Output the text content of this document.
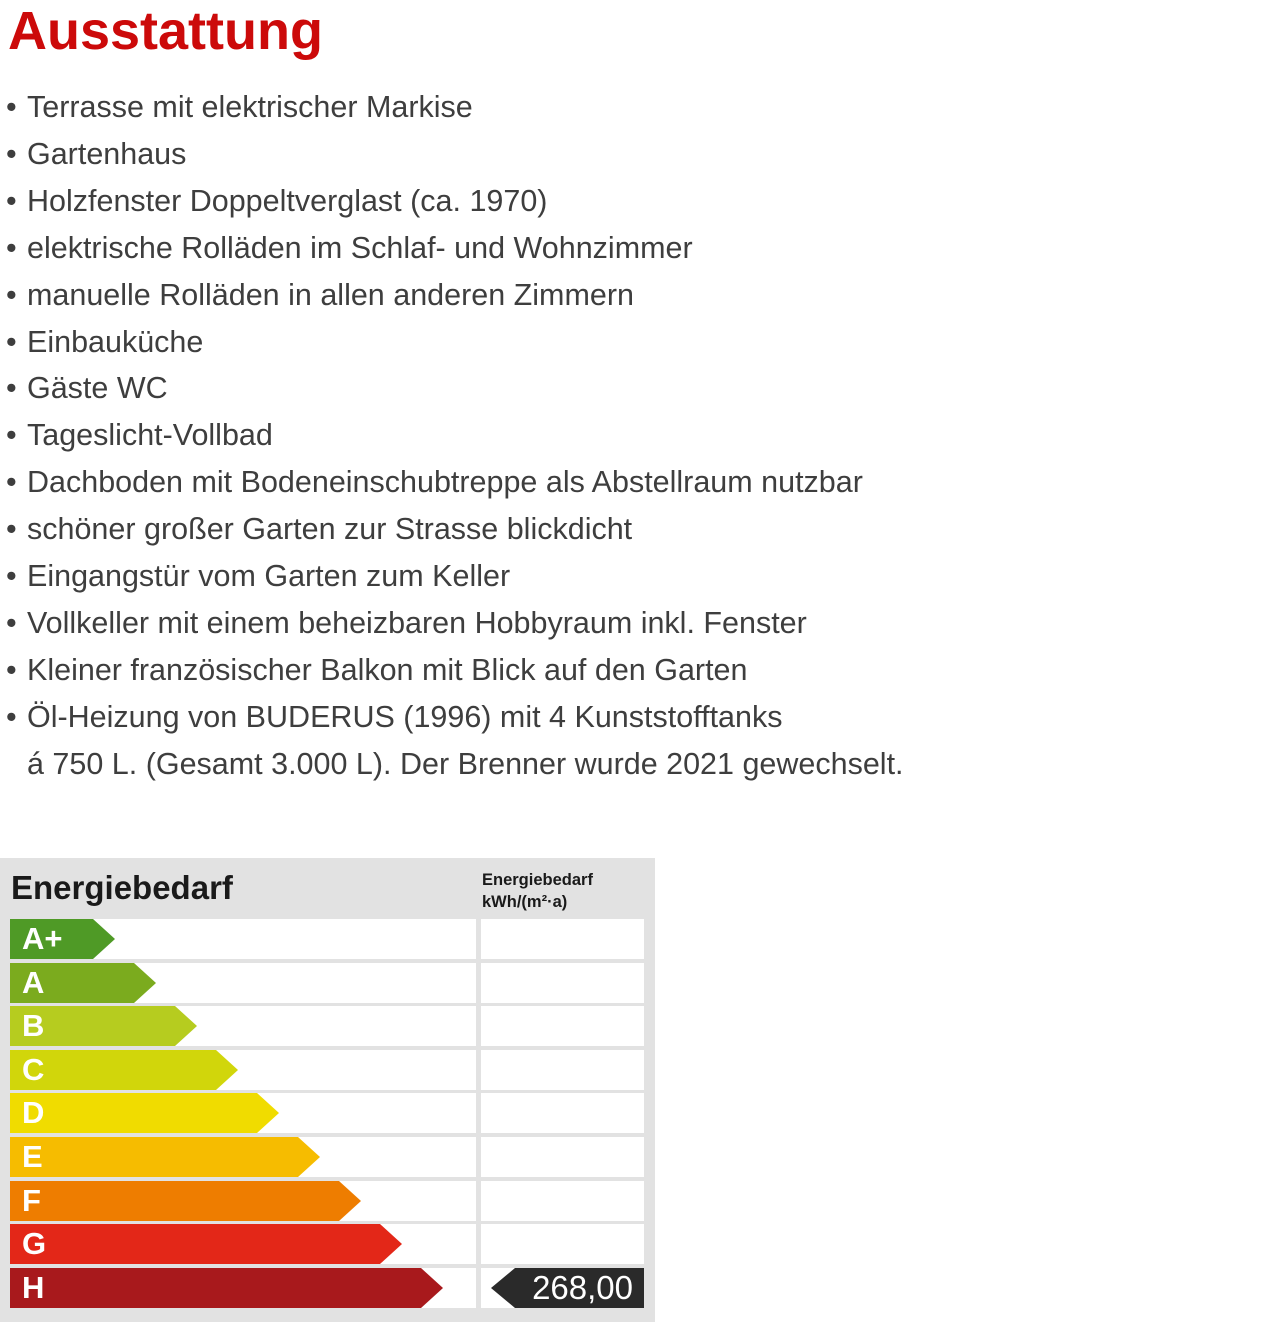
Ausstattung
• Terrasse mit elektrischer Markise
• Gartenhaus
• Holzfenster Doppeltverglast (ca. 1970)
• elektrische Rolläden im Schlaf- und Wohnzimmer
• manuelle Rolläden in allen anderen Zimmern
• Einbauküche
• Gäste WC
• Tageslicht-Vollbad
• Dachboden mit Bodeneinschubtreppe als Abstellraum nutzbar
• schöner großer Garten zur Strasse blickdicht
• Eingangstür vom Garten zum Keller
• Vollkeller mit einem beheizbaren Hobbyraum inkl. Fenster
• Kleiner französischer Balkon mit Blick auf den Garten
• Öl-Heizung von BUDERUS (1996) mit 4 Kunststofftanks
á 750 L. (Gesamt 3.000 L). Der Brenner wurde 2021 gewechselt.
Energiebedarf	Energiebedarf
kWh/(m²·a)
A+
A
B
C
D
E
F
G
H	268,00
